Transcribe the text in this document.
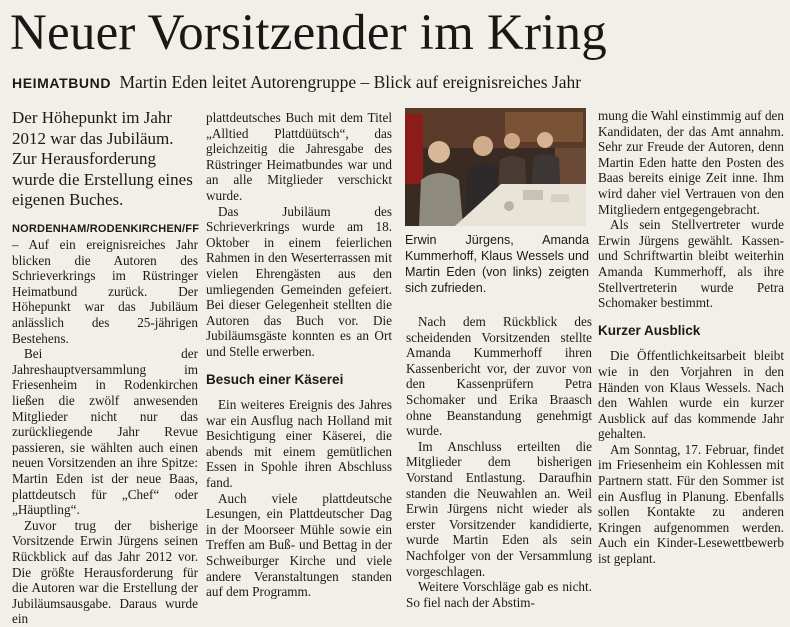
Neuer Vorsitzender im Kring
HEIMATBUND Martin Eden leitet Autorengruppe – Blick auf ereignisreiches Jahr

Der Höhepunkt im Jahr 2012 war das Jubiläum. Zur Herausforderung wurde die Erstellung eines eigenen Buches.

NORDENHAM/RODENKIRCHEN/FF
– Auf ein ereignisreiches Jahr blicken die Autoren des Schrieverkrings im Rüstringer Heimatbund zurück. Der Höhepunkt war das Jubiläum anlässlich des 25-jährigen Bestehens.

Bei der Jahreshauptversammlung im Friesenheim in Rodenkirchen ließen die zwölf anwesenden Mitglieder nicht nur das zurückliegende Jahr Revue passieren, sie wählten auch einen neuen Vorsitzenden an ihre Spitze: Martin Eden ist der neue Baas, plattdeutsch für „Chef“ oder „Häuptling“.

Zuvor trug der bisherige Vorsitzende Erwin Jürgens seinen Rückblick auf das Jahr 2012 vor. Die größte Herausforderung für die Autoren war die Erstellung der Jubiläumsausgabe. Daraus wurde ein

plattdeutsches Buch mit dem Titel „Alltied Plattdüütsch“, das gleichzeitig die Jahresgabe des Rüstringer Heimatbundes war und an alle Mitglieder verschickt wurde.

Das Jubiläum des Schrieverkrings wurde am 18. Oktober in einem feierlichen Rahmen in den Weserterrassen mit vielen Ehrengästen aus den umliegenden Gemeinden gefeiert. Bei dieser Gelegenheit stellten die Autoren das Buch vor. Die Jubiläumsgäste konnten es an Ort und Stelle erwerben.

Besuch einer Käserei

Ein weiteres Ereignis des Jahres war ein Ausflug nach Holland mit Besichtigung einer Käserei, die abends mit einem gemütlichen Essen in Spohle ihren Abschluss fand.

Auch viele plattdeutsche Lesungen, ein Plattdeutscher Dag in der Moorseer Mühle sowie ein Treffen am Buß- und Bettag in der Schweiburger Kirche und viele andere Veranstaltungen standen auf dem Programm.

Erwin Jürgens, Amanda Kummerhoff, Klaus Wessels und Martin Eden (von links) zeigten sich zufrieden.

Nach dem Rückblick des scheidenden Vorsitzenden stellte Amanda Kummerhoff ihren Kassenbericht vor, der zuvor von den Kassenprüfern Petra Schomaker und Erika Braasch ohne Beanstandung genehmigt wurde.

Im Anschluss erteilten die Mitglieder dem bisherigen Vorstand Entlastung. Daraufhin standen die Neuwahlen an. Weil Erwin Jürgens nicht wieder als erster Vorsitzender kandidierte, wurde Martin Eden als sein Nachfolger von der Versammlung vorgeschlagen.

Weitere Vorschläge gab es nicht. So fiel nach der Abstim-

mung die Wahl einstimmig auf den Kandidaten, der das Amt annahm. Sehr zur Freude der Autoren, denn Martin Eden hatte den Posten des Baas bereits einige Zeit inne. Ihm wird daher viel Vertrauen von den Mitgliedern entgegengebracht.

Als sein Stellvertreter wurde Erwin Jürgens gewählt. Kassen- und Schriftwartin bleibt weiterhin Amanda Kummerhoff, als ihre Stellvertreterin wurde Petra Schomaker bestimmt.

Kurzer Ausblick

Die Öffentlichkeitsarbeit bleibt wie in den Vorjahren in den Händen von Klaus Wessels. Nach den Wahlen wurde ein kurzer Ausblick auf das kommende Jahr gehalten.

Am Sonntag, 17. Februar, findet im Friesenheim ein Kohlessen mit Partnern statt. Für den Sommer ist ein Ausflug in Planung. Ebenfalls sollen Kontakte zu anderen Kringen aufgenommen werden. Auch ein Kinder-Lesewettbewerb ist geplant.
